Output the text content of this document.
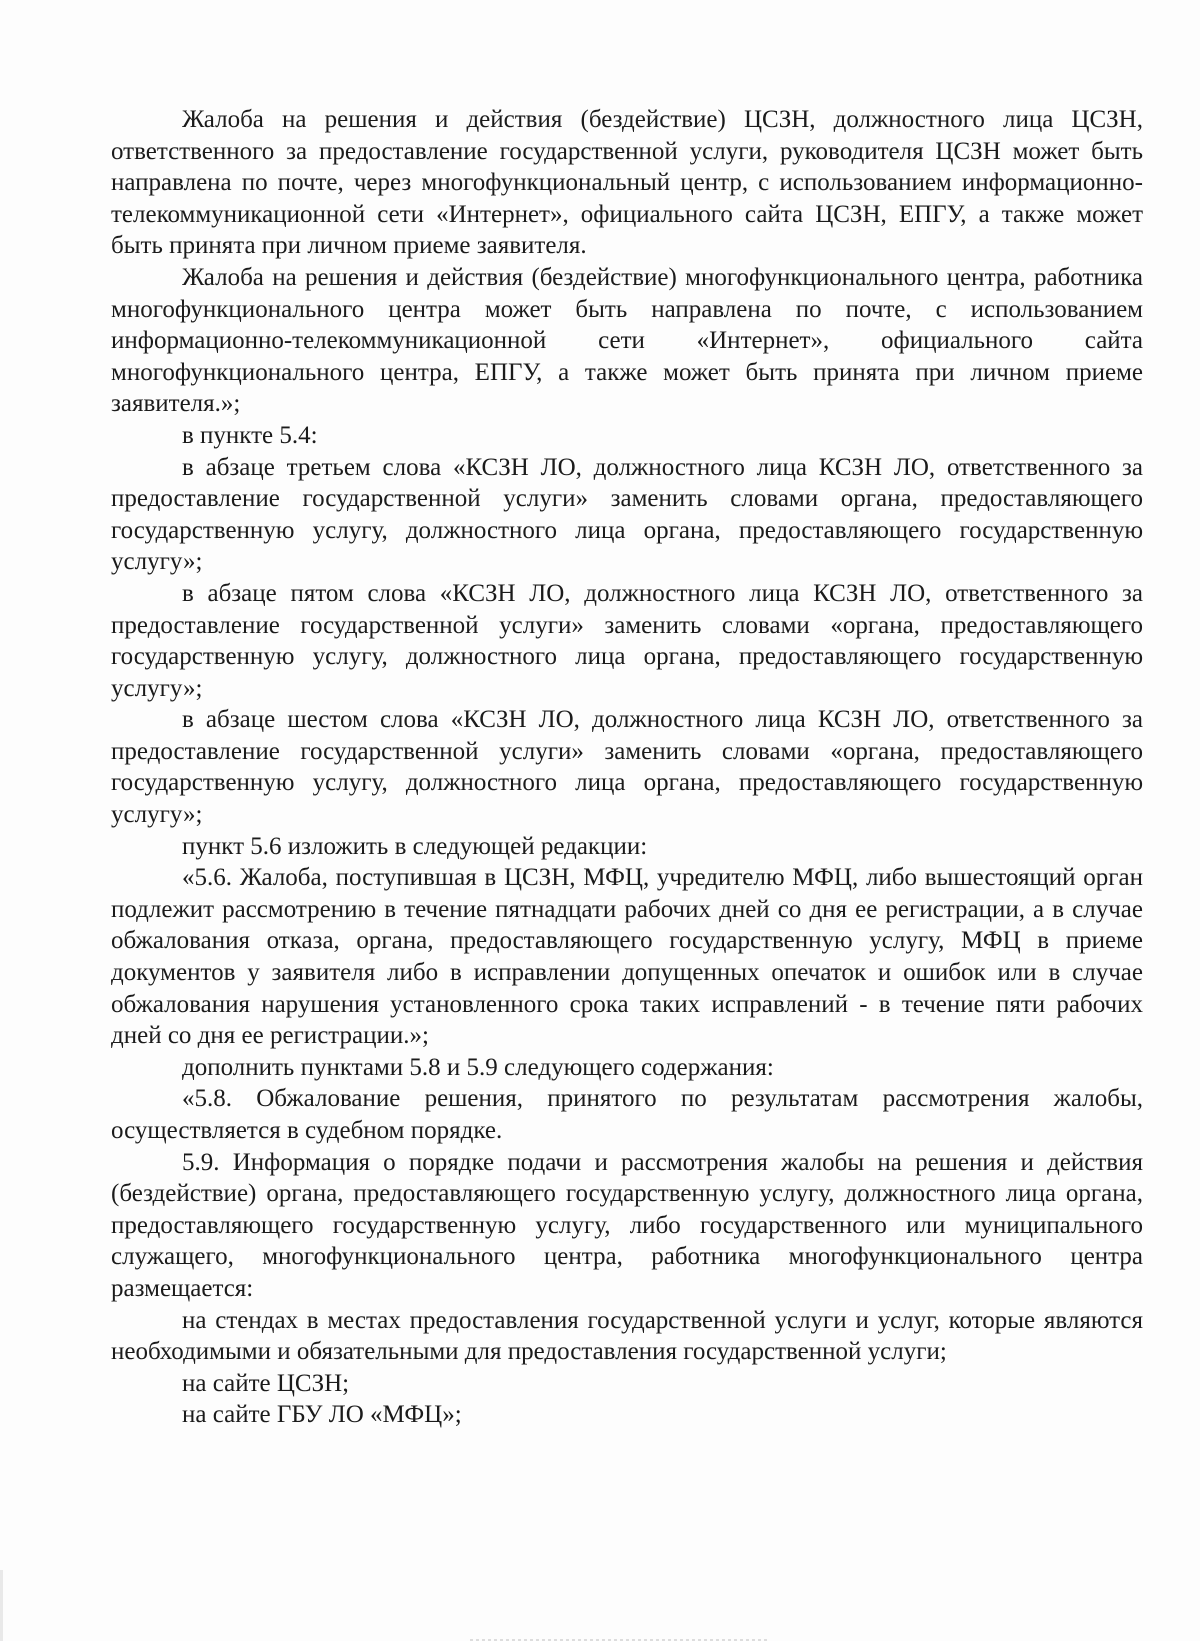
Жалоба на решения и действия (бездействие) ЦСЗН, должностного лица ЦСЗН, ответственного за предоставление государственной услуги, руководителя ЦСЗН может быть направлена по почте, через многофункциональный центр, с использованием информационно-телекоммуникационной сети «Интернет», официального сайта ЦСЗН, ЕПГУ, а также может быть принята при личном приеме заявителя.

Жалоба на решения и действия (бездействие) многофункционального центра, работника многофункционального центра может быть направлена по почте, с использованием информационно-телекоммуникационной сети «Интернет», официального сайта многофункционального центра, ЕПГУ, а также может быть принята при личном приеме заявителя.»;

в пункте 5.4:

в абзаце третьем слова «КСЗН ЛО, должностного лица КСЗН ЛО, ответственного за предоставление государственной услуги» заменить словами органа, предоставляющего государственную услугу, должностного лица органа, предоставляющего государственную услугу»;

в абзаце пятом слова «КСЗН ЛО, должностного лица КСЗН ЛО, ответственного за предоставление государственной услуги» заменить словами «органа, предоставляющего государственную услугу, должностного лица органа, предоставляющего государственную услугу»;

в абзаце шестом слова «КСЗН ЛО, должностного лица КСЗН ЛО, ответственного за предоставление государственной услуги» заменить словами «органа, предоставляющего государственную услугу, должностного лица органа, предоставляющего государственную услугу»;

пункт 5.6 изложить в следующей редакции:

«5.6. Жалоба, поступившая в ЦСЗН, МФЦ, учредителю МФЦ, либо вышестоящий орган подлежит рассмотрению в течение пятнадцати рабочих дней со дня ее регистрации, а в случае обжалования отказа, органа, предоставляющего государственную услугу, МФЦ в приеме документов у заявителя либо в исправлении допущенных опечаток и ошибок или в случае обжалования нарушения установленного срока таких исправлений - в течение пяти рабочих дней со дня ее регистрации.»;

дополнить пунктами 5.8 и 5.9 следующего содержания:

«5.8. Обжалование решения, принятого по результатам рассмотрения жалобы, осуществляется в судебном порядке.

5.9. Информация о порядке подачи и рассмотрения жалобы на решения и действия (бездействие) органа, предоставляющего государственную услугу, должностного лица органа, предоставляющего государственную услугу, либо государственного или муниципального служащего, многофункционального центра, работника многофункционального центра размещается:

на стендах в местах предоставления государственной услуги и услуг, которые являются необходимыми и обязательными для предоставления государственной услуги;

на сайте ЦСЗН;

на сайте ГБУ ЛО «МФЦ»;
